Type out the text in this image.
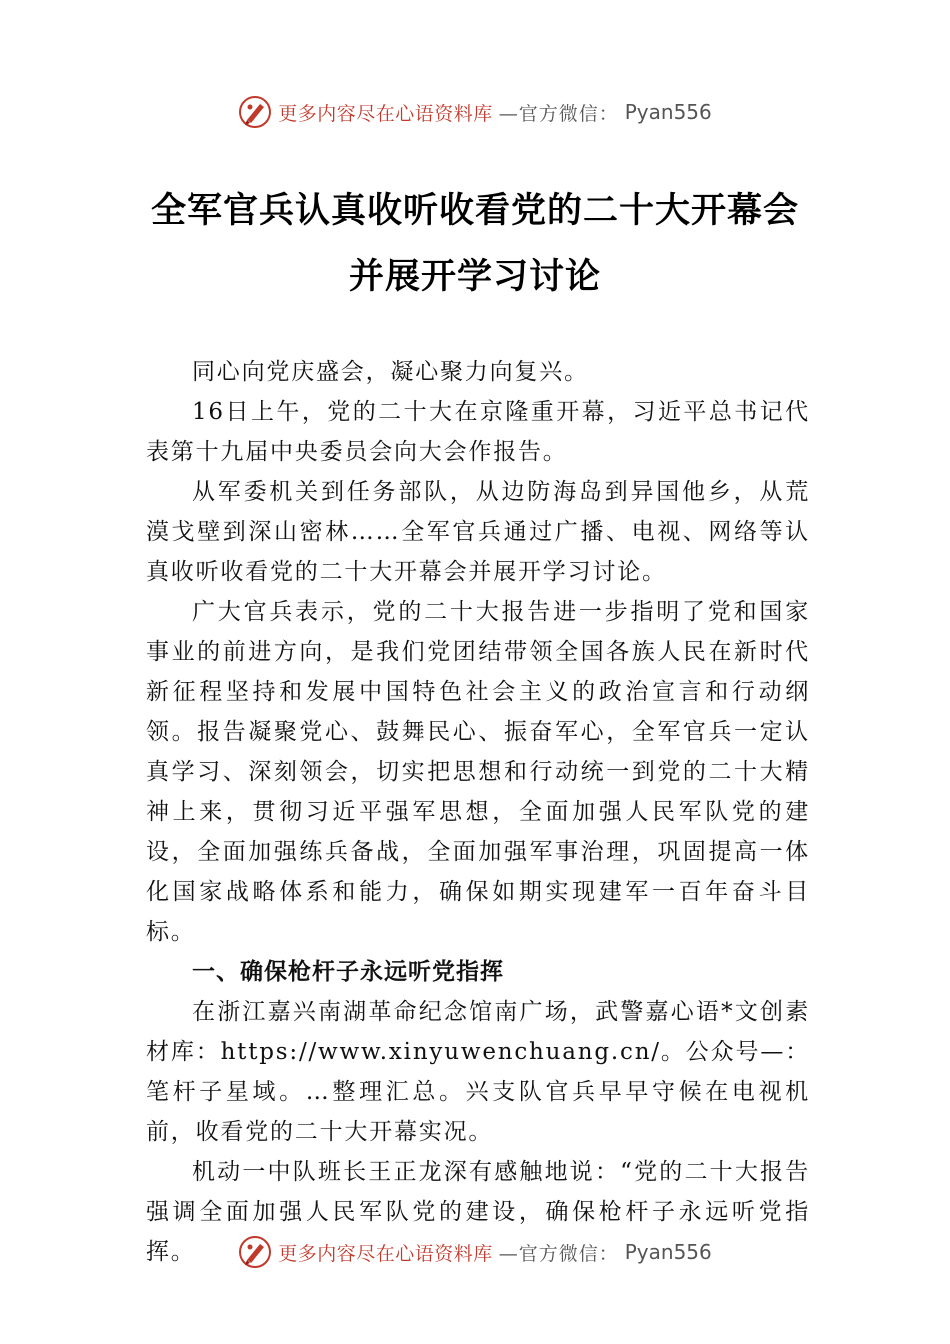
更多内容尽在心语资料库 —官方微信： Pyan556
全军官兵认真收听收看党的二十大开幕会
并展开学习讨论

同心向党庆盛会，凝心聚力向复兴。

16日上午，党的二十大在京隆重开幕，习近平总书记代表第十九届中央委员会向大会作报告。

从军委机关到任务部队，从边防海岛到异国他乡，从荒漠戈壁到深山密林……全军官兵通过广播、电视、网络等认真收听收看党的二十大开幕会并展开学习讨论。

广大官兵表示，党的二十大报告进一步指明了党和国家事业的前进方向，是我们党团结带领全国各族人民在新时代新征程坚持和发展中国特色社会主义的政治宣言和行动纲领。报告凝聚党心、鼓舞民心、振奋军心，全军官兵一定认真学习、深刻领会，切实把思想和行动统一到党的二十大精神上来，贯彻习近平强军思想，全面加强人民军队党的建设，全面加强练兵备战，全面加强军事治理，巩固提高一体化国家战略体系和能力，确保如期实现建军一百年奋斗目标。

一、确保枪杆子永远听党指挥

在浙江嘉兴南湖革命纪念馆南广场，武警嘉心语*文创素材库：https://www.xinyuwenchuang.cn/。公众号—：笔杆子星域。…整理汇总。兴支队官兵早早守候在电视机前，收看党的二十大开幕实况。

机动一中队班长王正龙深有感触地说：“党的二十大报告强调全面加强人民军队党的建设，确保枪杆子永远听党指挥。	更多内容尽在心语资料库 —官方微信： Pyan556
